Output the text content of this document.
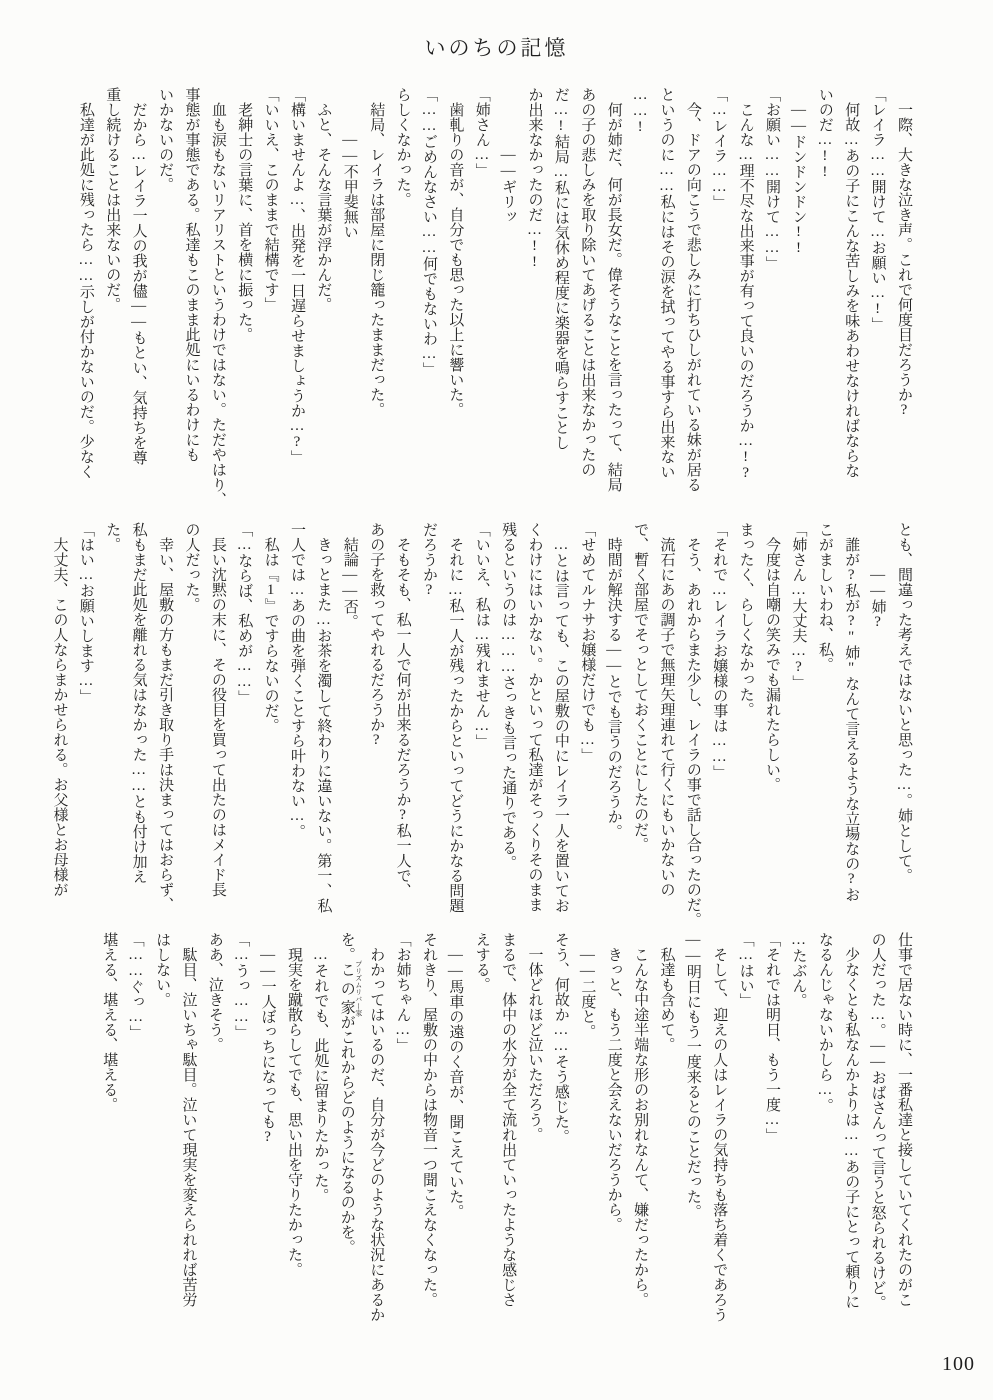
いのちの記憶

　一際、大きな泣き声。これで何度目だろうか?

「レイラ……開けて…お願い…!」

　何故…あの子にこんな苦しみを味あわせなければならな

いのだ…!!

　――ドンドンドン!!

「お願い……開けて……」

　こんな…理不尽な出来事が有って良いのだろうか…!?

「…レイラ……」

　今、ドアの向こうで悲しみに打ちひしがれている妹が居る

というのに……私にはその涙を拭ってやる事すら出来ない

……!

　何が姉だ、何が長女だ。偉そうなことを言ったって、結局

あの子の悲しみを取り除いてあげることは出来なかったの

だ…!結局…私には気休め程度に楽器を鳴らすことし

か出来なかったのだ…!!

　　　　――ギリッ

「姉さん…」

　歯軋りの音が、自分でも思った以上に響いた。

「……ごめんなさい……何でもないわ…」

らしくなかった。

　結局、レイラは部屋に閉じ籠ったままだった。

　　　――不甲斐無い

　ふと、そんな言葉が浮かんだ。

「構いませんよ…、出発を一日遅らせましょうか…?」

「いいえ、このままで結構です」

　老紳士の言葉に、首を横に振った。

　血も涙もないリアリストというわけではない。ただやはり、

事態が事態である。私達もこのまま此処にいるわけにも

いかないのだ。

　だから…レイラ一人の我が儘――もとい、気持ちを尊

重し続けることは出来ないのだ。

　私達が此処に残ったら……示しが付かないのだ。少なく

とも、間違った考えではないと思った…。姉として。

　　　――姉?

　誰が?私が?"姉"なんて言えるような立場なの?お

こがましいわね、私。

「姉さん…大丈夫…?」

　今度は自嘲の笑みでも漏れたらしい。

まったく、らしくなかった。

「それで…レイラお嬢様の事は……」

　そう、あれからまた少し、レイラの事で話し合ったのだ。

　流石にあの調子で無理矢理連れて行くにもいかないの

で、暫く部屋でそっとしておくことにしたのだ。

　時間が解決する――とでも言うのだろうか。

「せめてルナサお嬢様だけでも…」

　…とは言っても、この屋敷の中にレイラ一人を置いてお

くわけにはいかない。かといって私達がそっくりそのまま

残るというのは………さっきも言った通りである。

「いいえ、私は…残れません…」

　それに…私一人が残ったからといってどうにかなる問題

だろうか?

　そもそも、私一人で何が出来るだろうか?私一人で、

あの子を救ってやれるだろうか?

　結論――否。

　きっとまた…お茶を濁して終わりに違いない。第一、私

一人では…あの曲を弾くことすら叶わない…。

　私は『1』ですらないのだ。

「…ならば、私めが……」

　長い沈黙の末に、その役目を買って出たのはメイド長

の人だった。

　幸い、屋敷の方もまだ引き取り手は決まってはおらず、

私もまだ此処を離れる気はなかった……とも付け加え

た。

「はい…お願いします…」

　大丈夫、この人ならまかせられる。お父様とお母様が

仕事で居ない時に、一番私達と接していてくれたのがこ

の人だった…。――おばさんって言うと怒られるけど。

　少なくとも私なんかよりは……あの子にとって頼りに

なるんじゃないかしら…。

…たぶん。

「それでは明日、もう一度…」

「…はい」

　そして、迎えの人はレイラの気持ちも落ち着くであろう

――明日にもう一度来るとのことだった。

　私達も含めて。

　こんな中途半端な形のお別れなんて、嫌だったから。

　きっと、もう二度と会えないだろうから。

　――二度と。

そう、何故か……そう感じた。

　一体どれほど泣いただろう。

まるで、体中の水分が全て流れ出ていったような感じさ

えする。

　――馬車の遠のく音が、聞こえていた。

それきり、屋敷の中からは物音一つ聞こえなくなった。

「お姉ちゃん…」

　わかってはいるのだ、自分が今どのような状況にあるか

を。この家 プリズムリバー家がこれからどのようになるのかを。

　…それでも、此処に留まりたかった。

　現実を蹴散らしてでも、思い出を守りたかった。

　――一人ぼっちになっても?

「…うっ……」

ああ、泣きそう。

　駄目、泣いちゃ駄目。泣いて現実を変えられれば苦労

はしない。

「……ぐっ…」

堪える、堪える、堪える。

100
